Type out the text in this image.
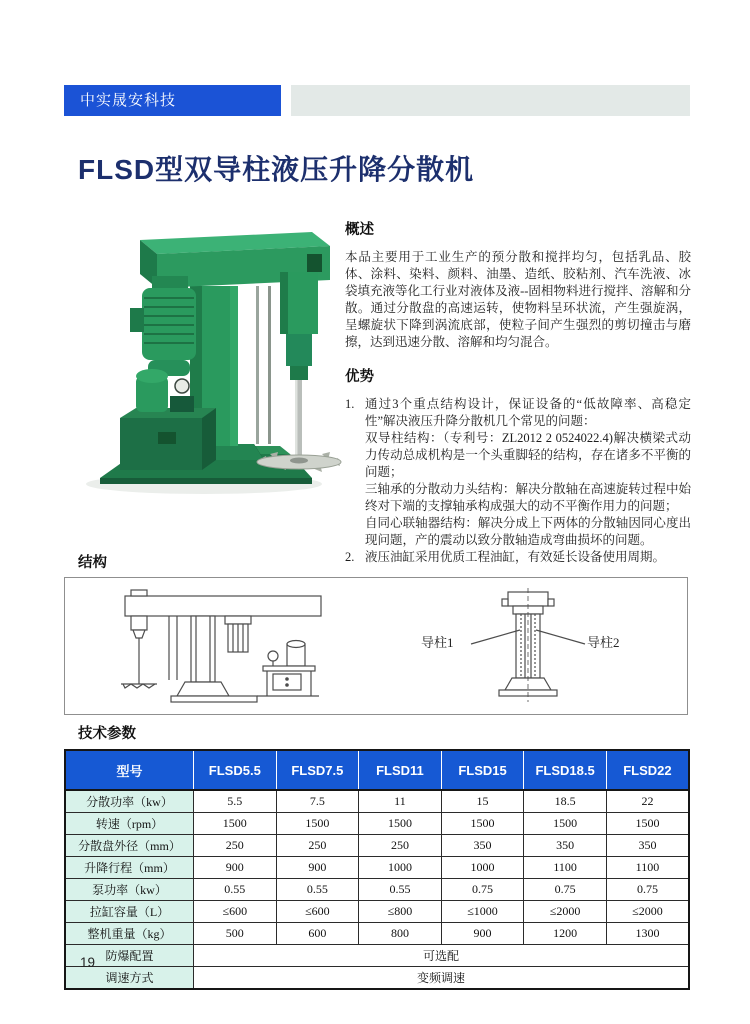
中实晟安科技
FLSD型双导柱液压升降分散机
概述

本品主要用于工业生产的预分散和搅拌均匀，包括乳品、胶体、涂料、染料、颜料、油墨、造纸、胶粘剂、汽车洗液、冰袋填充液等化工行业对液体及液--固相物料进行搅拌、溶解和分散。通过分散盘的高速运转，使物料呈环状流，产生强旋涡，呈螺旋状下降到涡流底部，使粒子间产生强烈的剪切撞击与磨擦，达到迅速分散、溶解和均匀混合。

优势
1. 通过3个重点结构设计，保证设备的“低故障率、高稳定性”解决液压升降分散机几个常见的问题：

双导柱结构：（专利号：ZL2012 2 0524022.4)解决横梁式动力传动总成机构是一个头重脚轻的结构，存在诸多不平衡的问题；

三轴承的分散动力头结构：解决分散轴在高速旋转过程中始终对下端的支撑轴承构成强大的动不平衡作用力的问题；

自同心联轴器结构：解决分成上下两体的分散轴因同心度出现问题，产的震动以致分散轴造成弯曲损坏的问题。

2. 液压油缸采用优质工程油缸，有效延长设备使用周期。

结构
导柱1	导柱2
技术参数
型号	FLSD5.5	FLSD7.5	FLSD11	FLSD15	FLSD18.5	FLSD22
分散功率（kw）	5.5	7.5	11	15	18.5	22
转速（rpm）	1500	1500	1500	1500	1500	1500
分散盘外径（mm）	250	250	250	350	350	350
升降行程（mm）	900	900	1000	1000	1100	1100
泵功率（kw）	0.55	0.55	0.55	0.75	0.75	0.75
拉缸容量（L）	≤600	≤600	≤800	≤1000	≤2000	≤2000
整机重量（kg）	500	600	800	900	1200	1300
防爆配置	可选配					
调速方式	变频调速					
19
